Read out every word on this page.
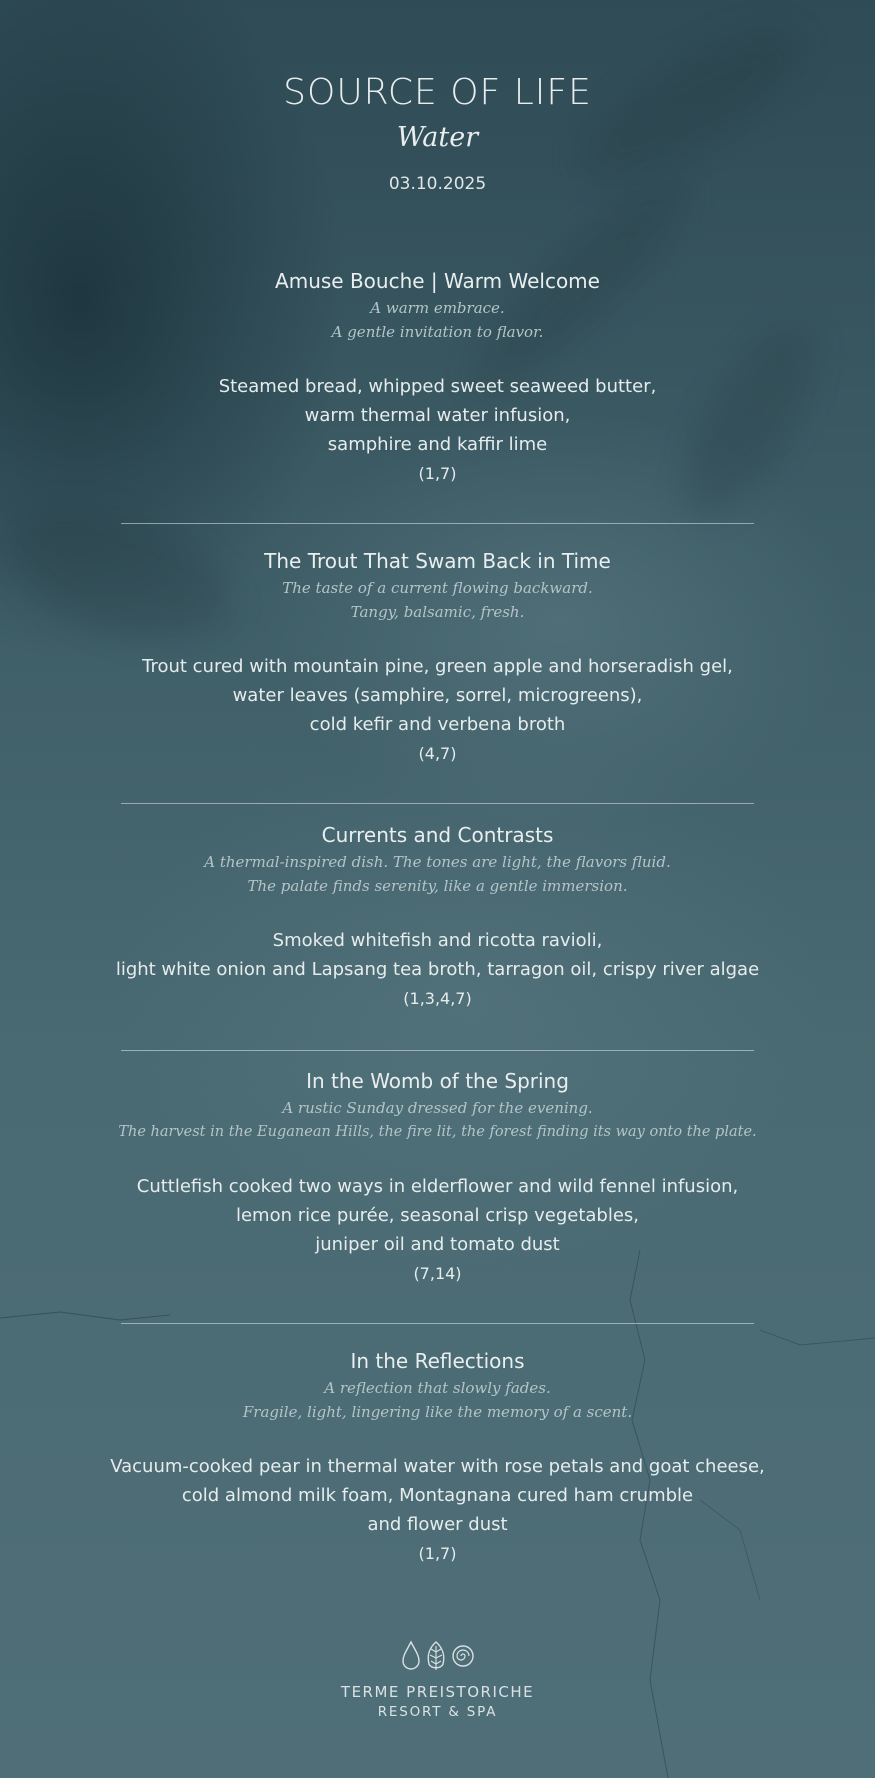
SOURCE OF LIFE
Water
03.10.2025
Amuse Bouche | Warm Welcome
A warm embrace.
A gentle invitation to flavor.
Steamed bread, whipped sweet seaweed butter,
warm thermal water infusion,
samphire and kaffir lime
(1,7)
The Trout That Swam Back in Time
The taste of a current flowing backward.
Tangy, balsamic, fresh.
Trout cured with mountain pine, green apple and horseradish gel,
water leaves (samphire, sorrel, microgreens),
cold kefir and verbena broth
(4,7)
Currents and Contrasts
A thermal-inspired dish. The tones are light, the flavors fluid.
The palate finds serenity, like a gentle immersion.
Smoked whitefish and ricotta ravioli,
light white onion and Lapsang tea broth, tarragon oil, crispy river algae
(1,3,4,7)
In the Womb of the Spring
A rustic Sunday dressed for the evening.
The harvest in the Euganean Hills, the fire lit, the forest finding its way onto the plate.
Cuttlefish cooked two ways in elderflower and wild fennel infusion,
lemon rice purée, seasonal crisp vegetables,
juniper oil and tomato dust
(7,14)
In the Reflections
A reflection that slowly fades.
Fragile, light, lingering like the memory of a scent.
Vacuum-cooked pear in thermal water with rose petals and goat cheese,
cold almond milk foam, Montagnana cured ham crumble
and flower dust
(1,7)
TERME PREISTORICHE
RESORT & SPA
